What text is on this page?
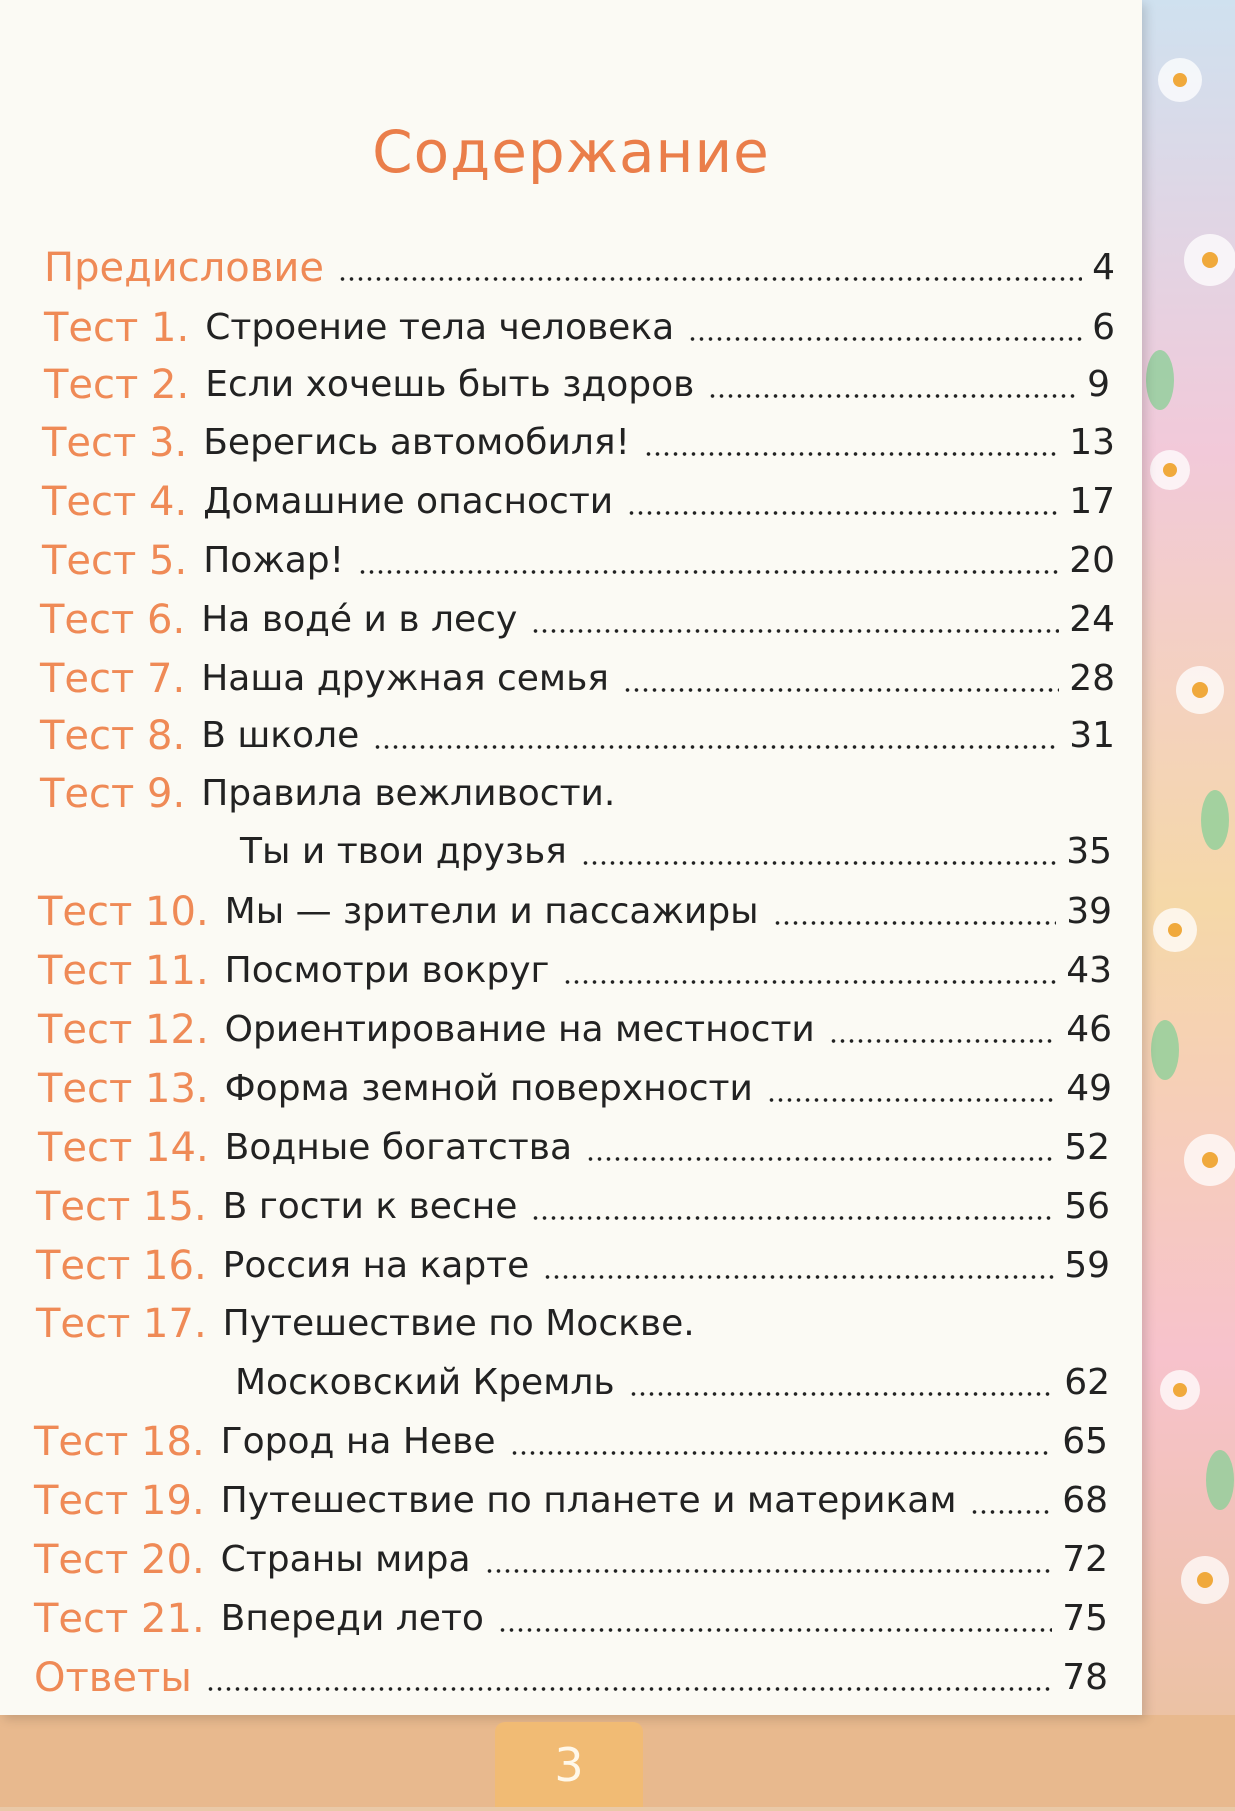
Содержание
Предисловие	4
Тест 1. Строение тела человека	6
Тест 2. Если хочешь быть здоров	9
Тест 3. Берегись автомобиля!	13
Тест 4. Домашние опасности	17
Тест 5. Пожар!	20
Тест 6. На водé и в лесу	24
Тест 7. Наша дружная семья	28
Тест 8. В школе	31
Тест 9. Правила вежливости.
Ты и твои друзья	35
Тест 10. Мы — зрители и пассажиры	39
Тест 11. Посмотри вокруг	43
Тест 12. Ориентирование на местности	46
Тест 13. Форма земной поверхности	49
Тест 14. Водные богатства	52
Тест 15. В гости к весне	56
Тест 16. Россия на карте	59
Тест 17. Путешествие по Москве.
Московский Кремль	62
Тест 18. Город на Неве	65
Тест 19. Путешествие по планете и материкам	68
Тест 20. Страны мира	72
Тест 21. Впереди лето	75
Ответы	78
3
